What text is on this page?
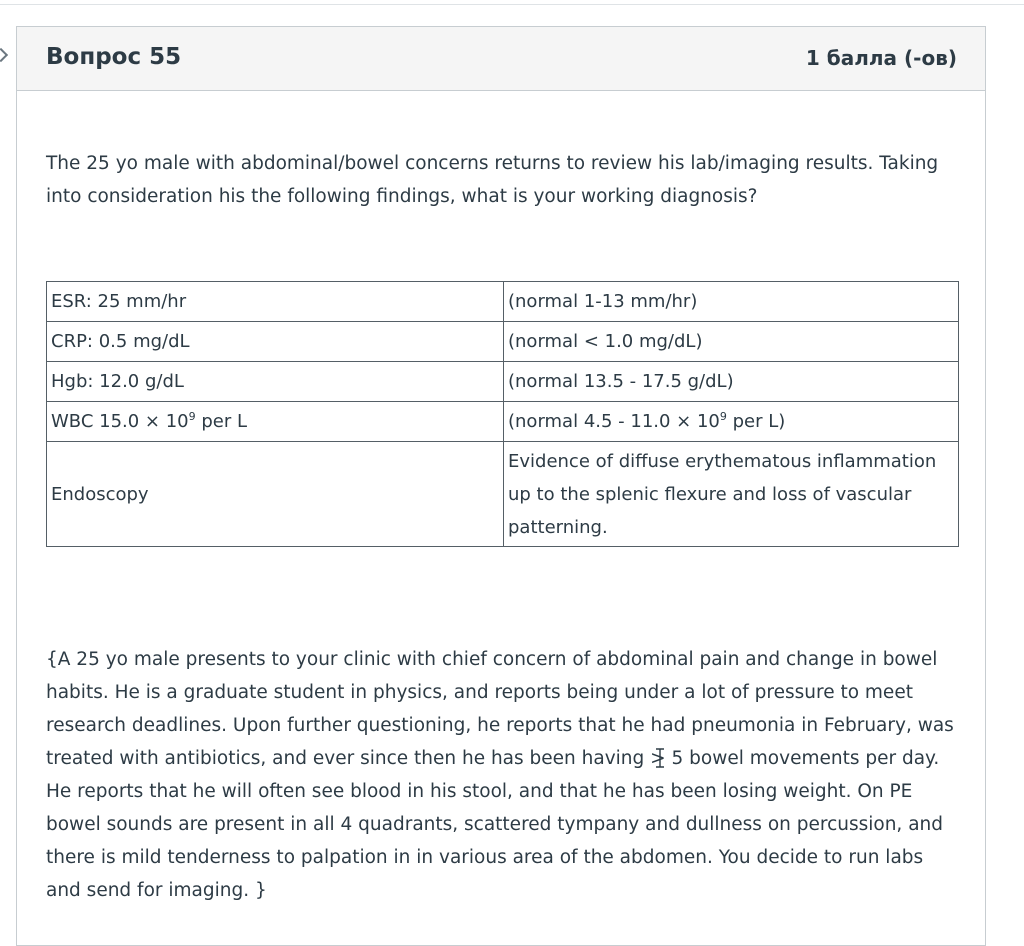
Вопрос 55	1 балла (-ов)

The 25 yo male with abdominal/bowel concerns returns to review his lab/imaging results. Taking into consideration his the following findings, what is your working diagnosis?

ESR: 25 mm/hr	(normal 1-13 mm/hr)
CRP: 0.5 mg/dL	(normal < 1.0 mg/dL)
Hgb: 12.0 g/dL	(normal 13.5 - 17.5 g/dL)
WBC $15.0 \times 10^9$ per L	(normal $4.5 - 11.0 \times 10^9$ per L)
Endoscopy	Evidence of diffuse erythematous inflammation up to the splenic flexure and loss of vascular patterning.

{A 25 yo male presents to your clinic with chief concern of abdominal pain and change in bowel habits. He is a graduate student in physics, and reports being under a lot of pressure to meet research deadlines. Upon further questioning, he reports that he had pneumonia in February, was treated with antibiotics, and ever since then he has been having > 5 bowel movements per day. He reports that he will often see blood in his stool, and that he has been losing weight. On PE bowel sounds are present in all 4 quadrants, scattered tympany and dullness on percussion, and there is mild tenderness to palpation in in various area of the abdomen. You decide to run labs and send for imaging. }
